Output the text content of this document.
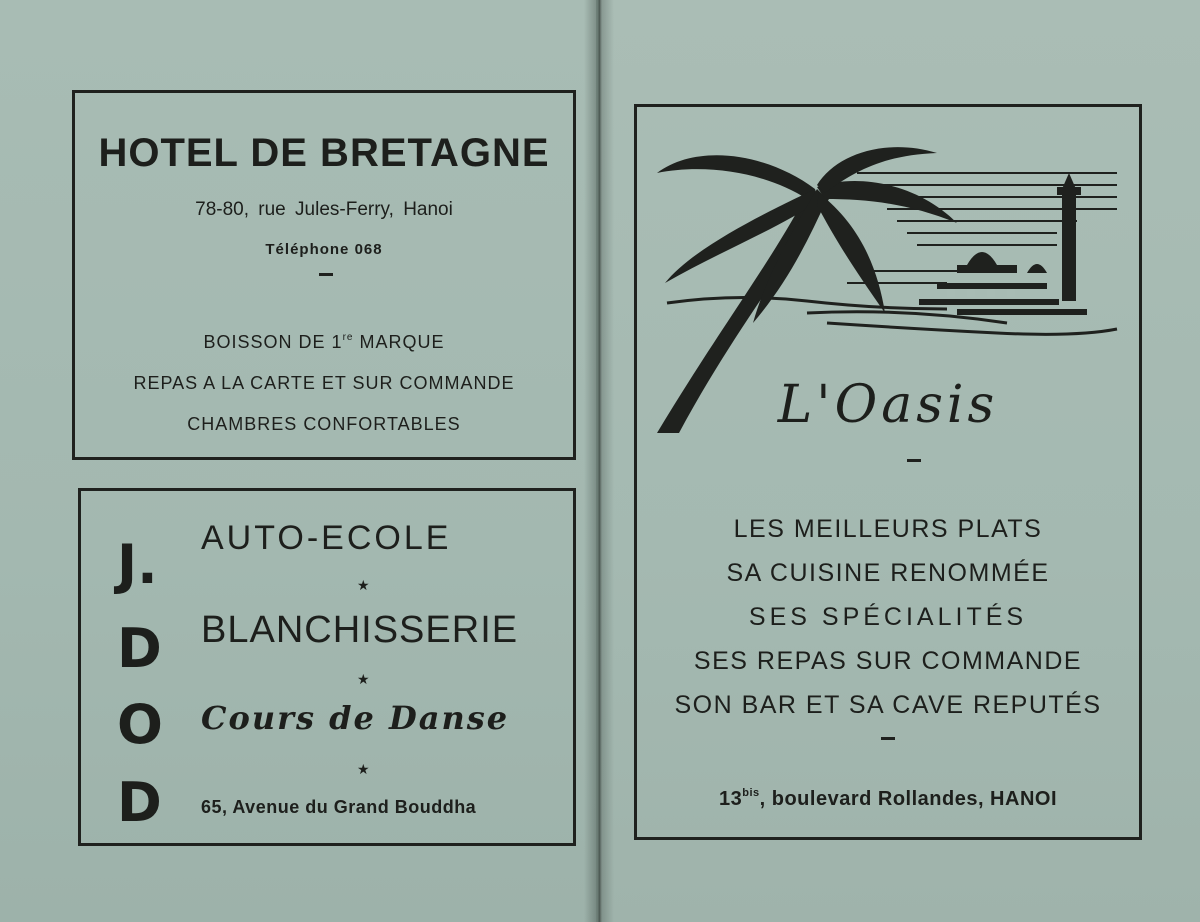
HOTEL DE BRETAGNE
78-80, rue Jules-Ferry, Hanoi
Téléphone 068
BOISSON DE 1re MARQUE
REPAS A LA CARTE ET SUR COMMANDE
CHAMBRES CONFORTABLES
J.
D
O
D
AUTO-ECOLE
★
BLANCHISSERIE
★
Cours de Danse
★
65, Avenue du Grand Bouddha
L'Oasis
LES MEILLEURS PLATS
SA CUISINE RENOMMÉE
SES SPÉCIALITÉS
SES REPAS SUR COMMANDE
SON BAR ET SA CAVE REPUTÉS
$13^{bis}$, boulevard Rollandes, HANOI
